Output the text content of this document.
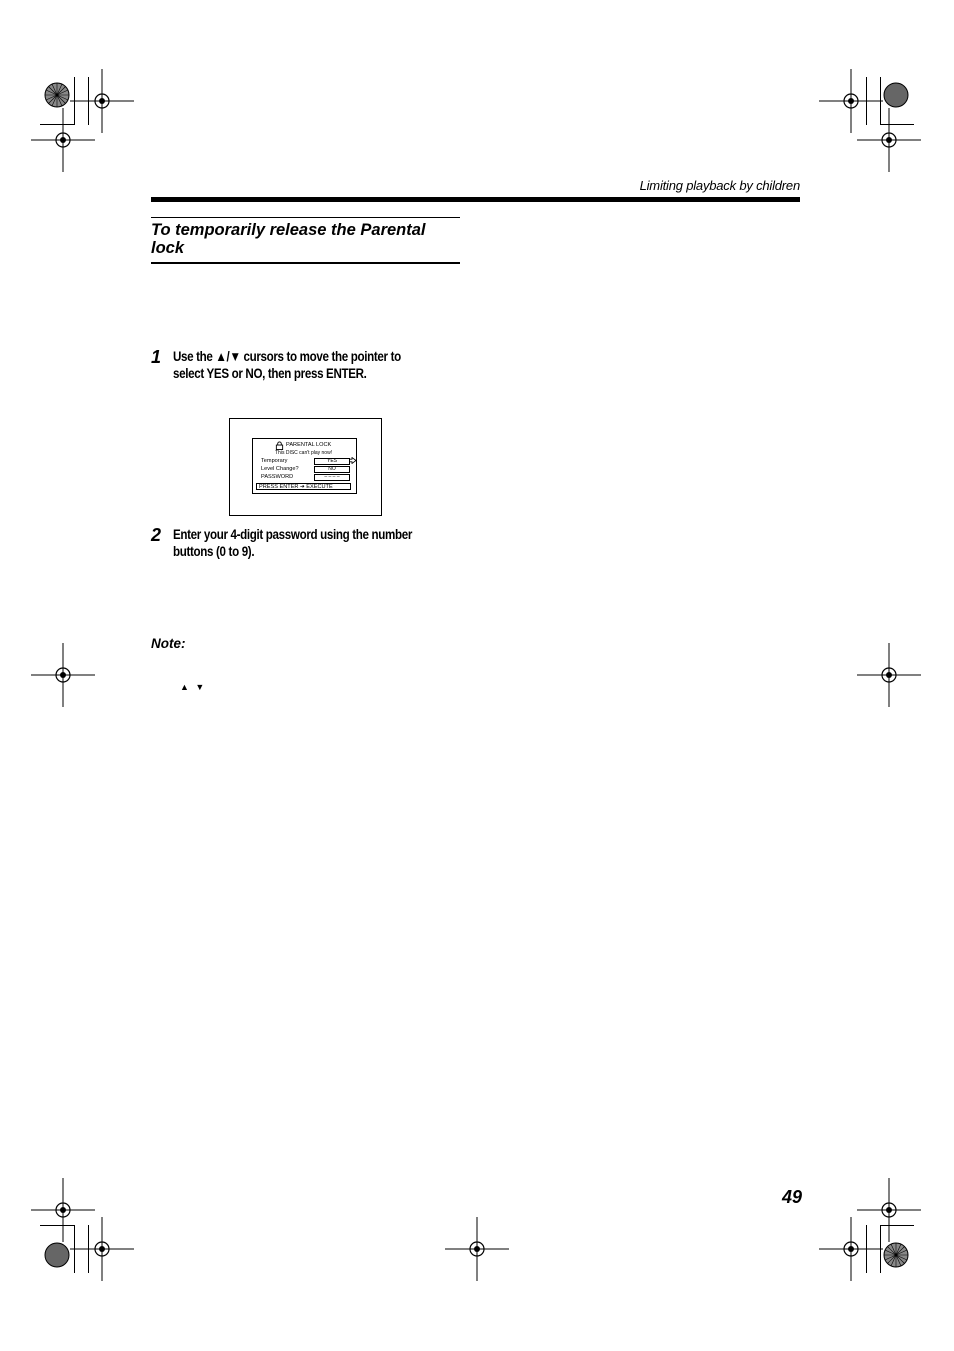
Limiting playback by children
To temporarily release the Parental lock
1 Use the ▲/▼ cursors to move the pointer to
select YES or NO, then press ENTER.
PARENTAL LOCK
This DISC can't play now!
Temporary	YES
Level Change?	NO
PASSWORD	– – – –
PRESS ENTER ➔ EXECUTE
2 Enter your 4-digit password using the number
buttons (0 to 9).
Note:
▲ ▼
49
